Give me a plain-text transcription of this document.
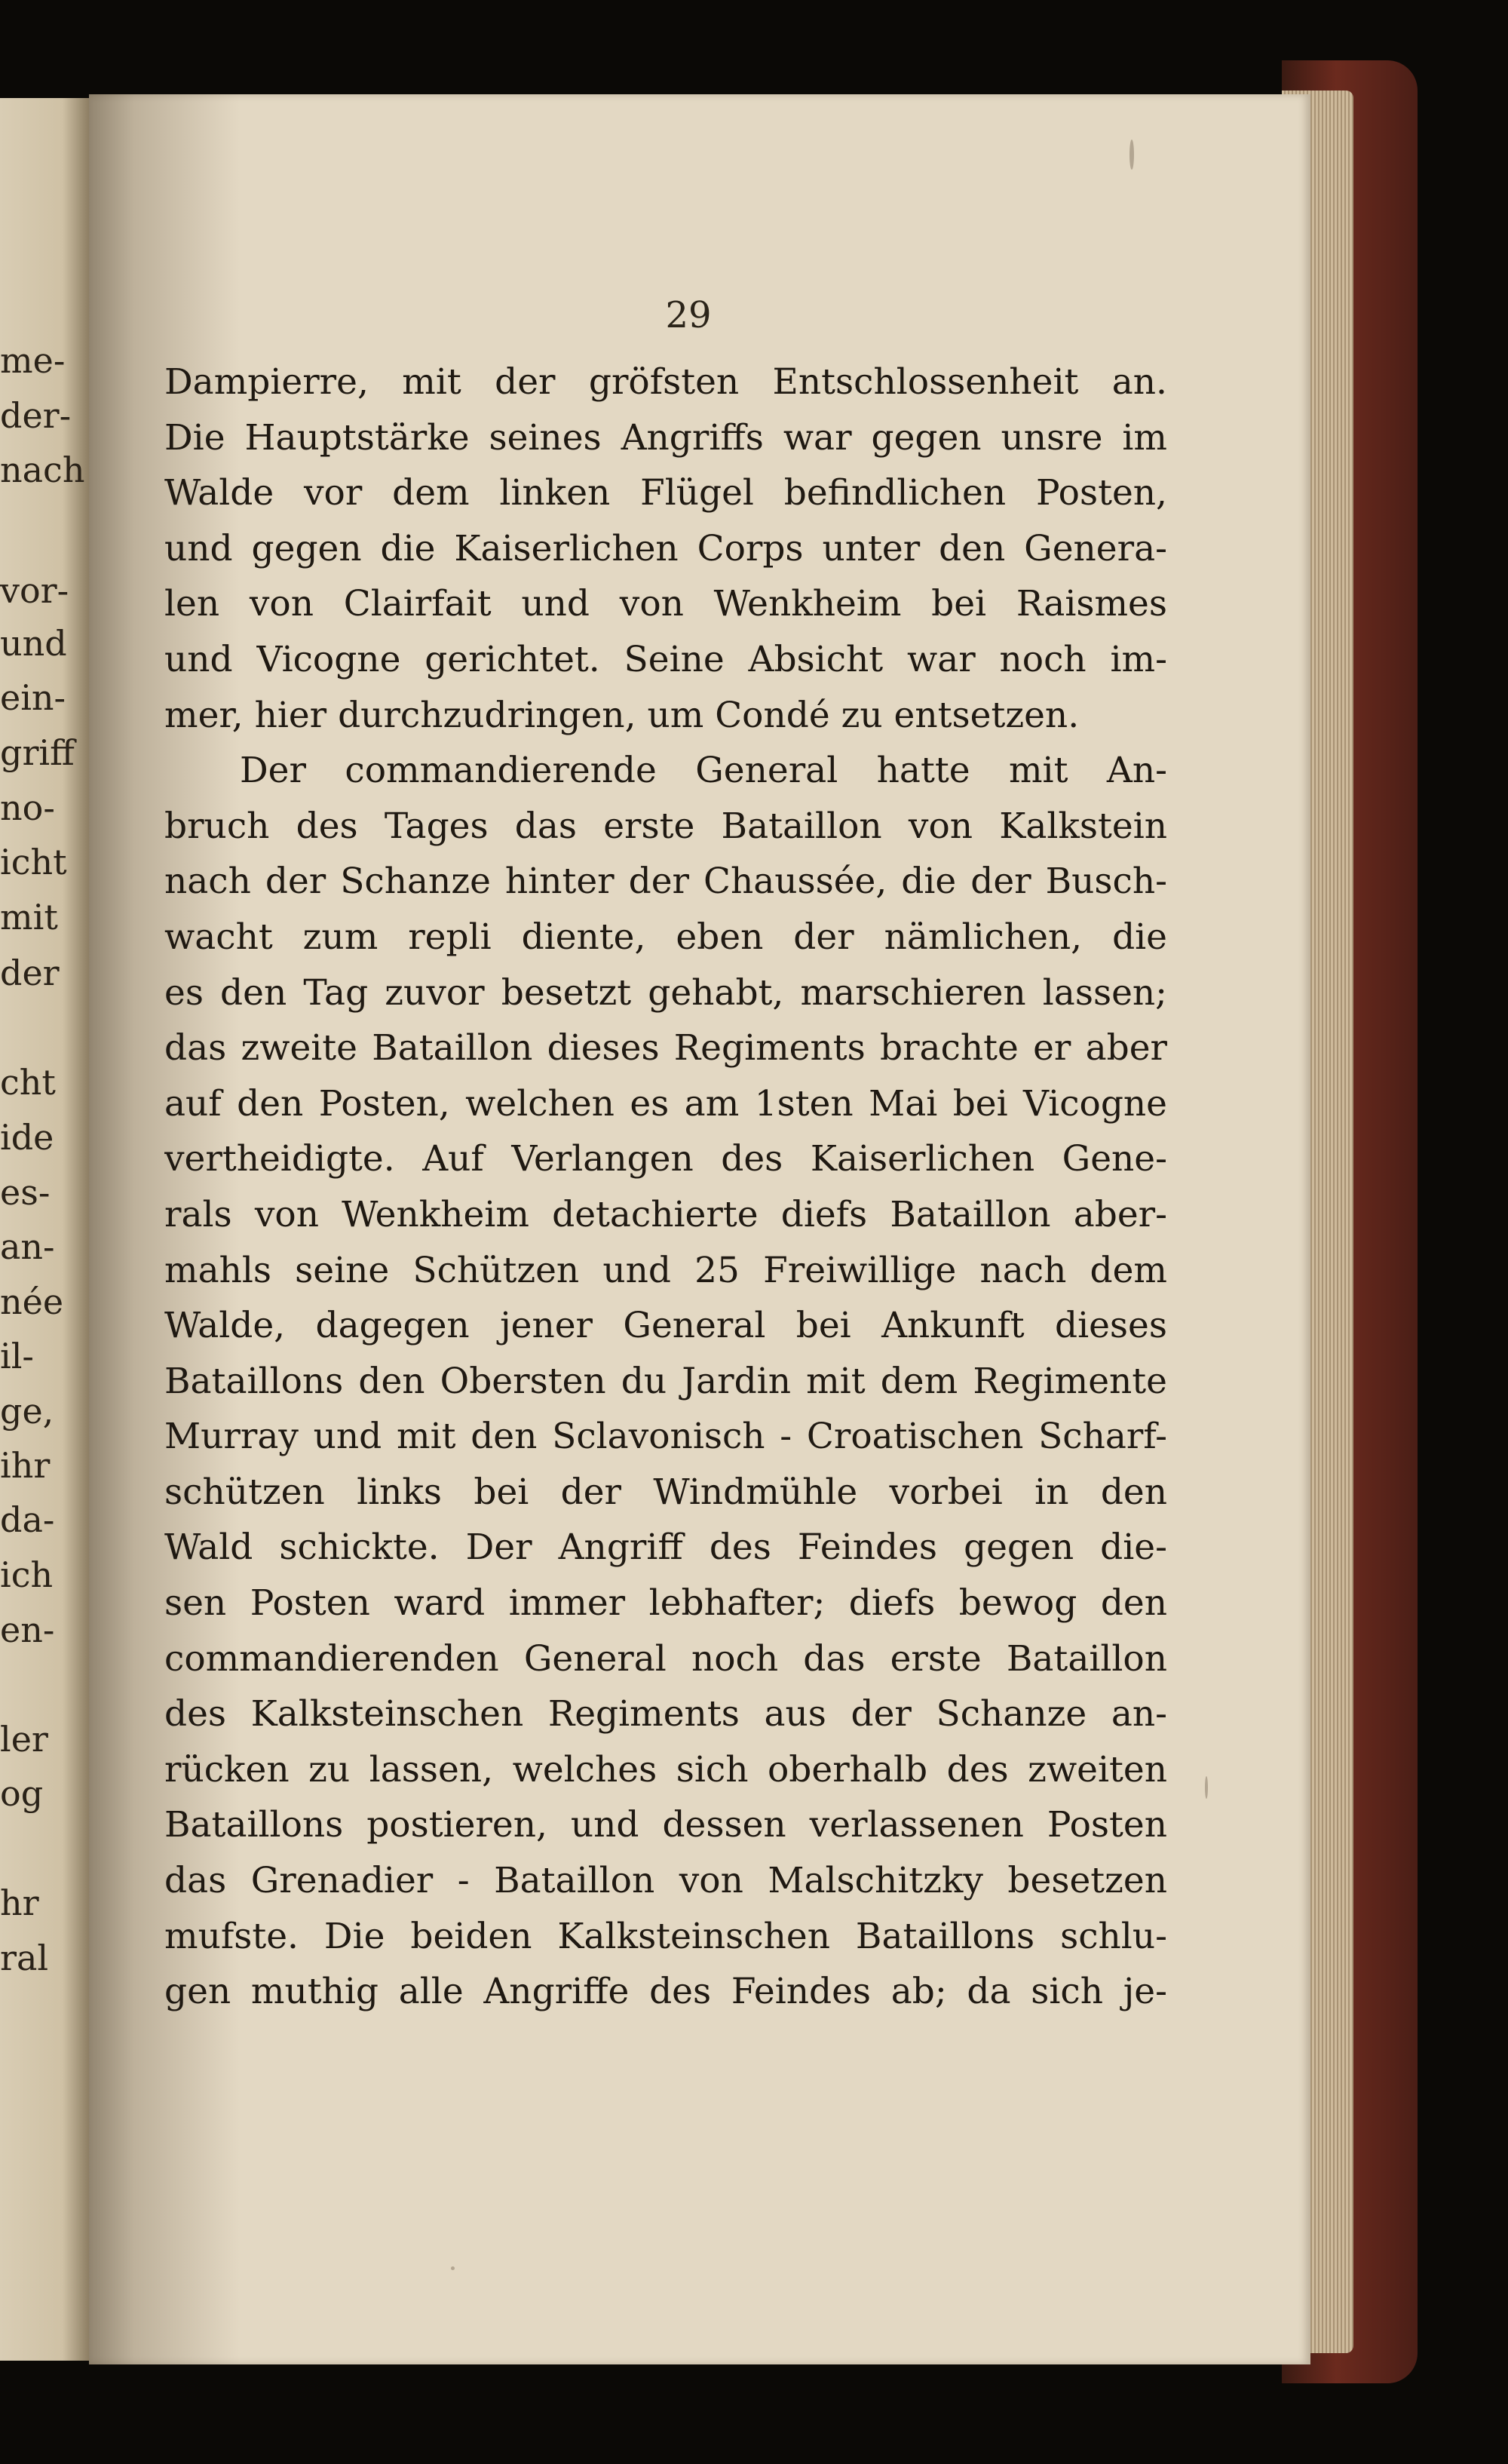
me-
der-
nach
vor-
und
ein-
griff
no-
icht
mit
der
cht
ide
es-
an-
née
il-
ge,
ihr
da-
ich
en-
ler
og
hr
ral
29
Dampierre, mit der gröfsten Entschlossenheit an.
Die Hauptstärke seines Angriffs war gegen unsre im
Walde vor dem linken Flügel befindlichen Posten,
und gegen die Kaiserlichen Corps unter den Genera-
len von Clairfait und von Wenkheim bei Raismes
und Vicogne gerichtet. Seine Absicht war noch im-
mer, hier durchzudringen, um Condé zu entsetzen.
Der commandierende General hatte mit An-
bruch des Tages das erste Bataillon von Kalkstein
nach der Schanze hinter der Chaussée, die der Busch-
wacht zum repli diente, eben der nämlichen, die
es den Tag zuvor besetzt gehabt, marschieren lassen;
das zweite Bataillon dieses Regiments brachte er aber
auf den Posten, welchen es am 1sten Mai bei Vicogne
vertheidigte. Auf Verlangen des Kaiserlichen Gene-
rals von Wenkheim detachierte diefs Bataillon aber-
mahls seine Schützen und 25 Freiwillige nach dem
Walde, dagegen jener General bei Ankunft dieses
Bataillons den Obersten du Jardin mit dem Regimente
Murray und mit den Sclavonisch - Croatischen Scharf-
schützen links bei der Windmühle vorbei in den
Wald schickte. Der Angriff des Feindes gegen die-
sen Posten ward immer lebhafter; diefs bewog den
commandierenden General noch das erste Bataillon
des Kalksteinschen Regiments aus der Schanze an-
rücken zu lassen, welches sich oberhalb des zweiten
Bataillons postieren, und dessen verlassenen Posten
das Grenadier - Bataillon von Malschitzky besetzen
mufste. Die beiden Kalksteinschen Bataillons schlu-
gen muthig alle Angriffe des Feindes ab; da sich je-
